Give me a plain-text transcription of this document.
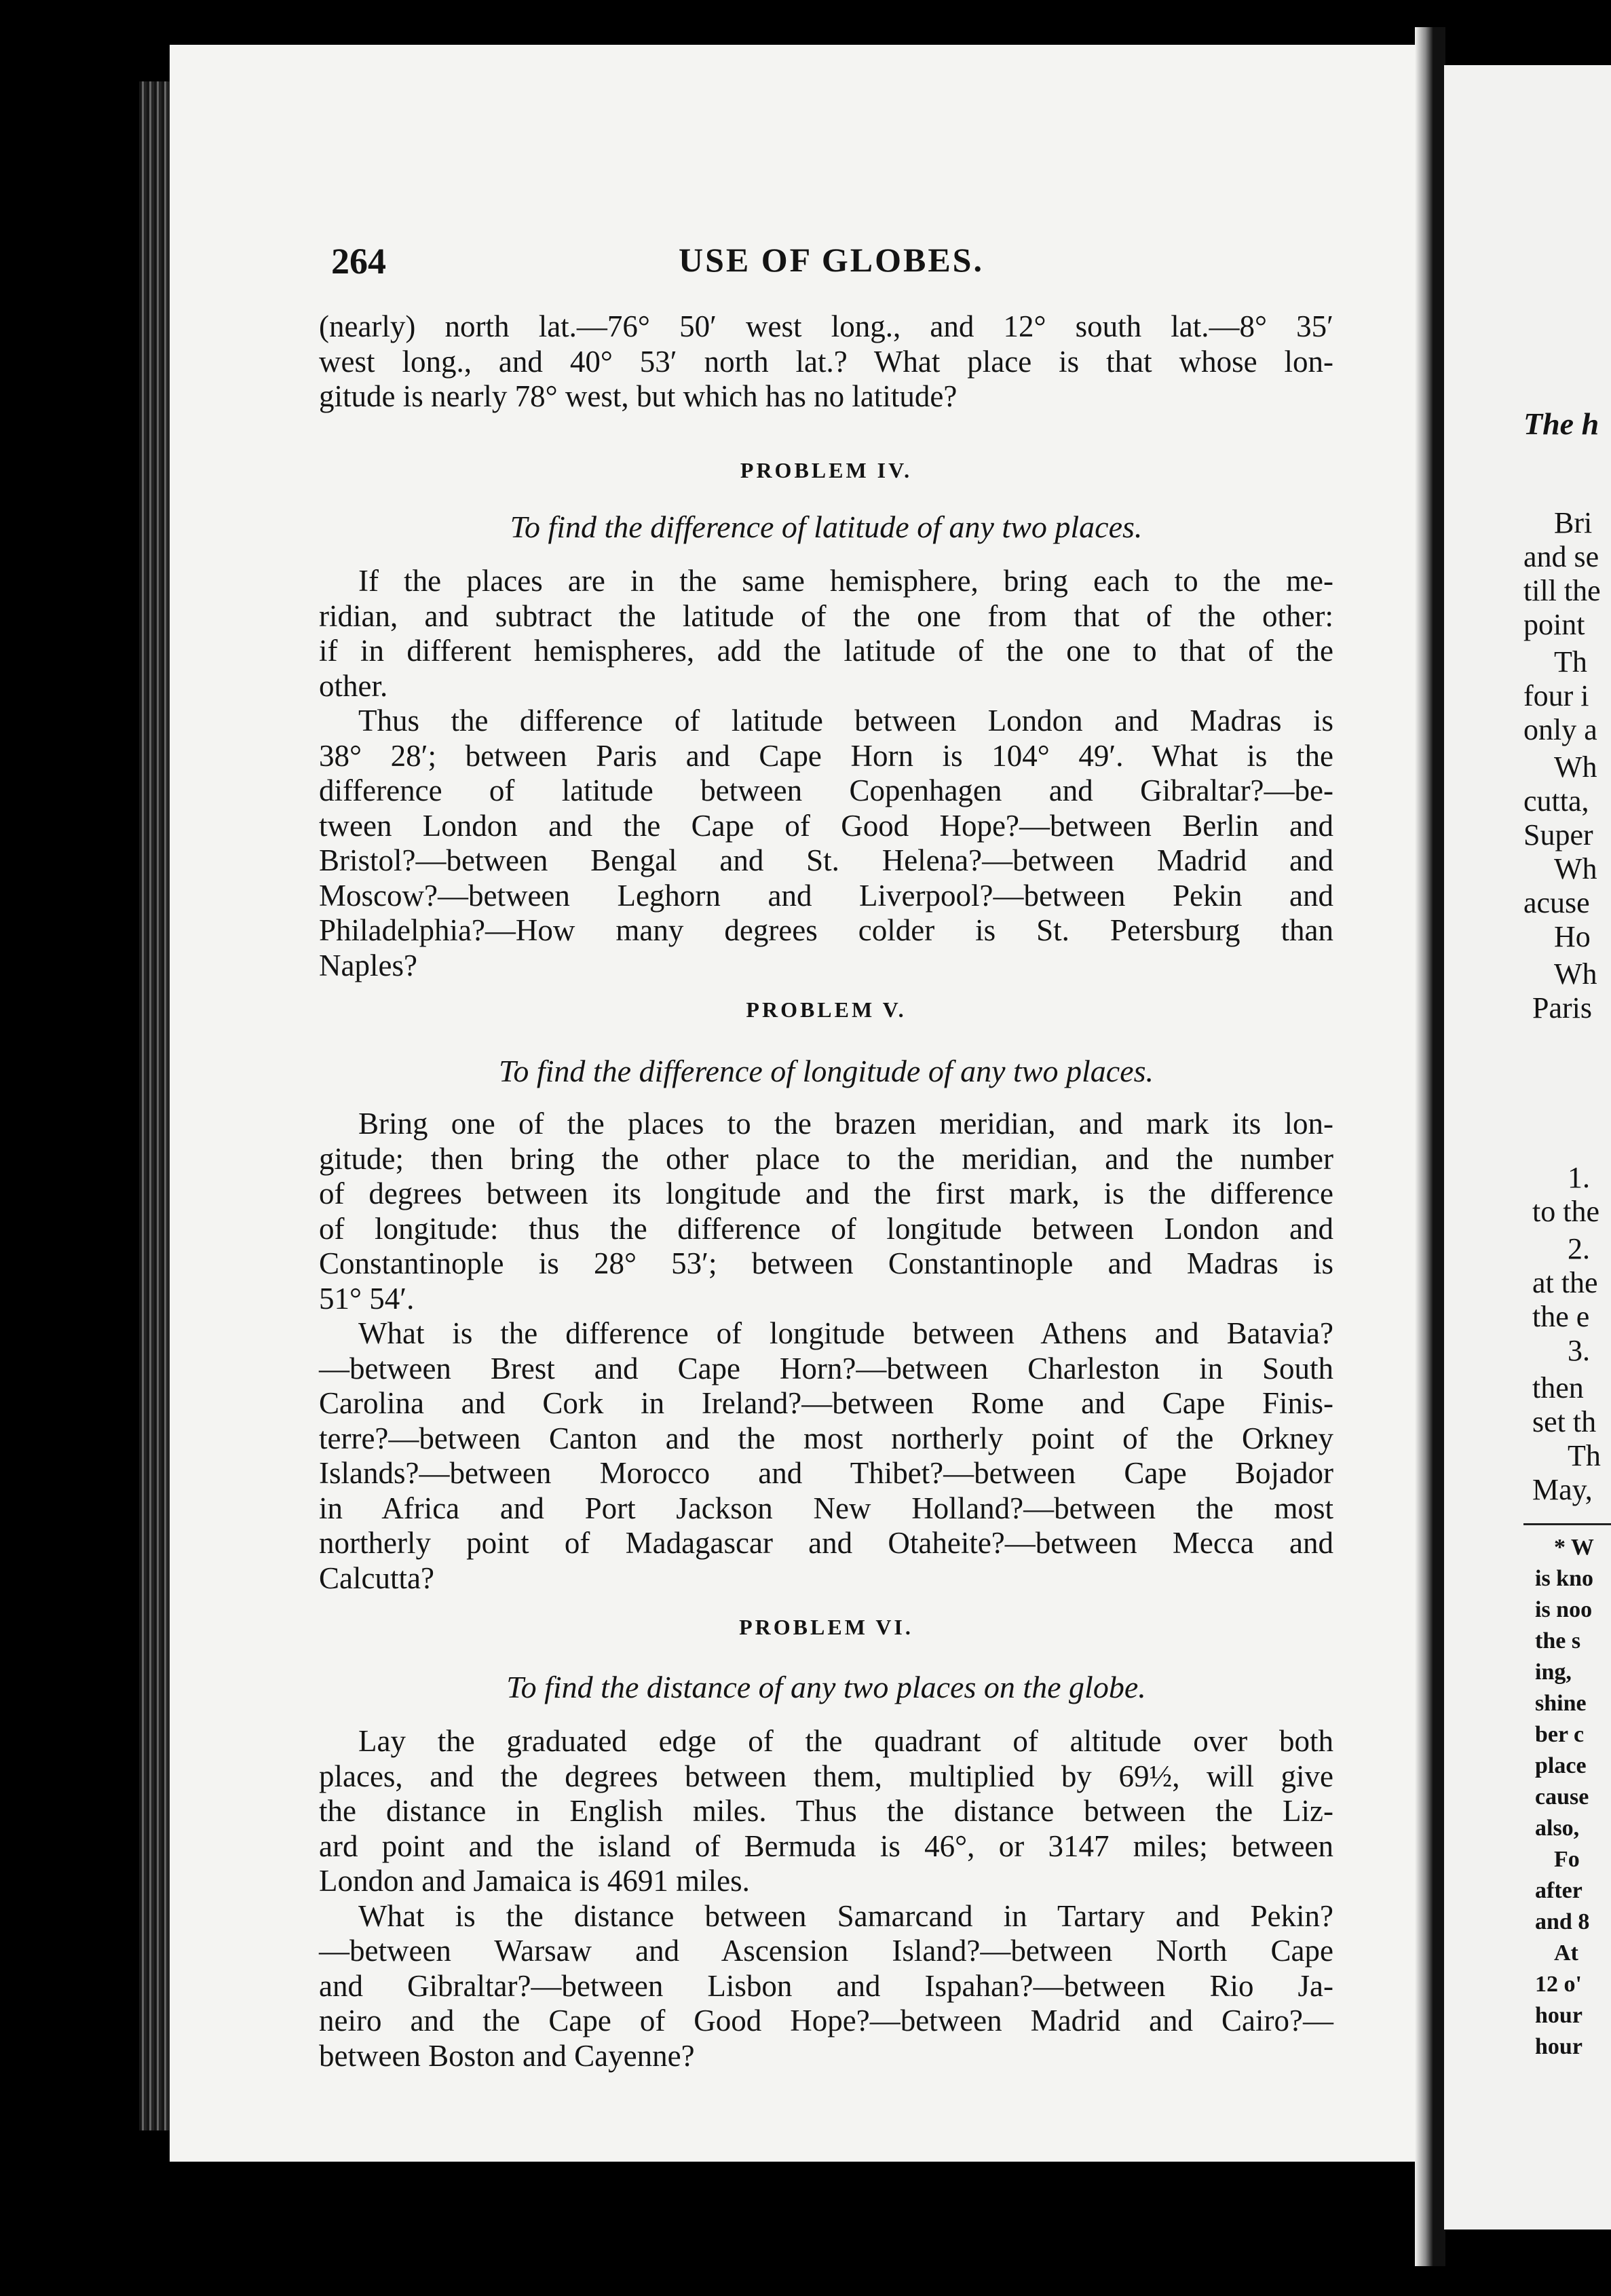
264	USE OF GLOBES.
(nearly) north lat.—76° 50′ west long., and 12° south lat.—8° 35′
west long., and 40° 53′ north lat.? What place is that whose lon-
gitude is nearly 78° west, but which has no latitude?
PROBLEM IV.
To find the difference of latitude of any two places.
If the places are in the same hemisphere, bring each to the me-
ridian, and subtract the latitude of the one from that of the other:
if in different hemispheres, add the latitude of the one to that of the
other.
Thus the difference of latitude between London and Madras is
38° 28′; between Paris and Cape Horn is 104° 49′. What is the
difference of latitude between Copenhagen and Gibraltar?—be-
tween London and the Cape of Good Hope?—between Berlin and
Bristol?—between Bengal and St. Helena?—between Madrid and
Moscow?—between Leghorn and Liverpool?—between Pekin and
Philadelphia?—How many degrees colder is St. Petersburg than
Naples?
PROBLEM V.
To find the difference of longitude of any two places.
Bring one of the places to the brazen meridian, and mark its lon-
gitude; then bring the other place to the meridian, and the number
of degrees between its longitude and the first mark, is the difference
of longitude: thus the difference of longitude between London and
Constantinople is 28° 53′; between Constantinople and Madras is
51° 54′.
What is the difference of longitude between Athens and Batavia?
—between Brest and Cape Horn?—between Charleston in South
Carolina and Cork in Ireland?—between Rome and Cape Finis-
terre?—between Canton and the most northerly point of the Orkney
Islands?—between Morocco and Thibet?—between Cape Bojador
in Africa and Port Jackson New Holland?—between the most
northerly point of Madagascar and Otaheite?—between Mecca and
Calcutta?
PROBLEM VI.
To find the distance of any two places on the globe.
Lay the graduated edge of the quadrant of altitude over both
places, and the degrees between them, multiplied by 69½, will give
the distance in English miles. Thus the distance between the Liz-
ard point and the island of Bermuda is 46°, or 3147 miles; between
London and Jamaica is 4691 miles.
What is the distance between Samarcand in Tartary and Pekin?
—between Warsaw and Ascension Island?—between North Cape
and Gibraltar?—between Lisbon and Ispahan?—between Rio Ja-
neiro and the Cape of Good Hope?—between Madrid and Cairo?—
between Boston and Cayenne?
The h
Bri
and se
till the
point
Th
four i
only a
Wh
cutta,
Super
Wh
acuse
Ho
Wh
Paris
1.
to the
2.
at the
the e
3.
then
set th
Th
May,
* W
is kno
is noo
the s
ing,
shine
ber c
place
cause
also,
Fo
after
and 8
At
12 o'
hour
hour
